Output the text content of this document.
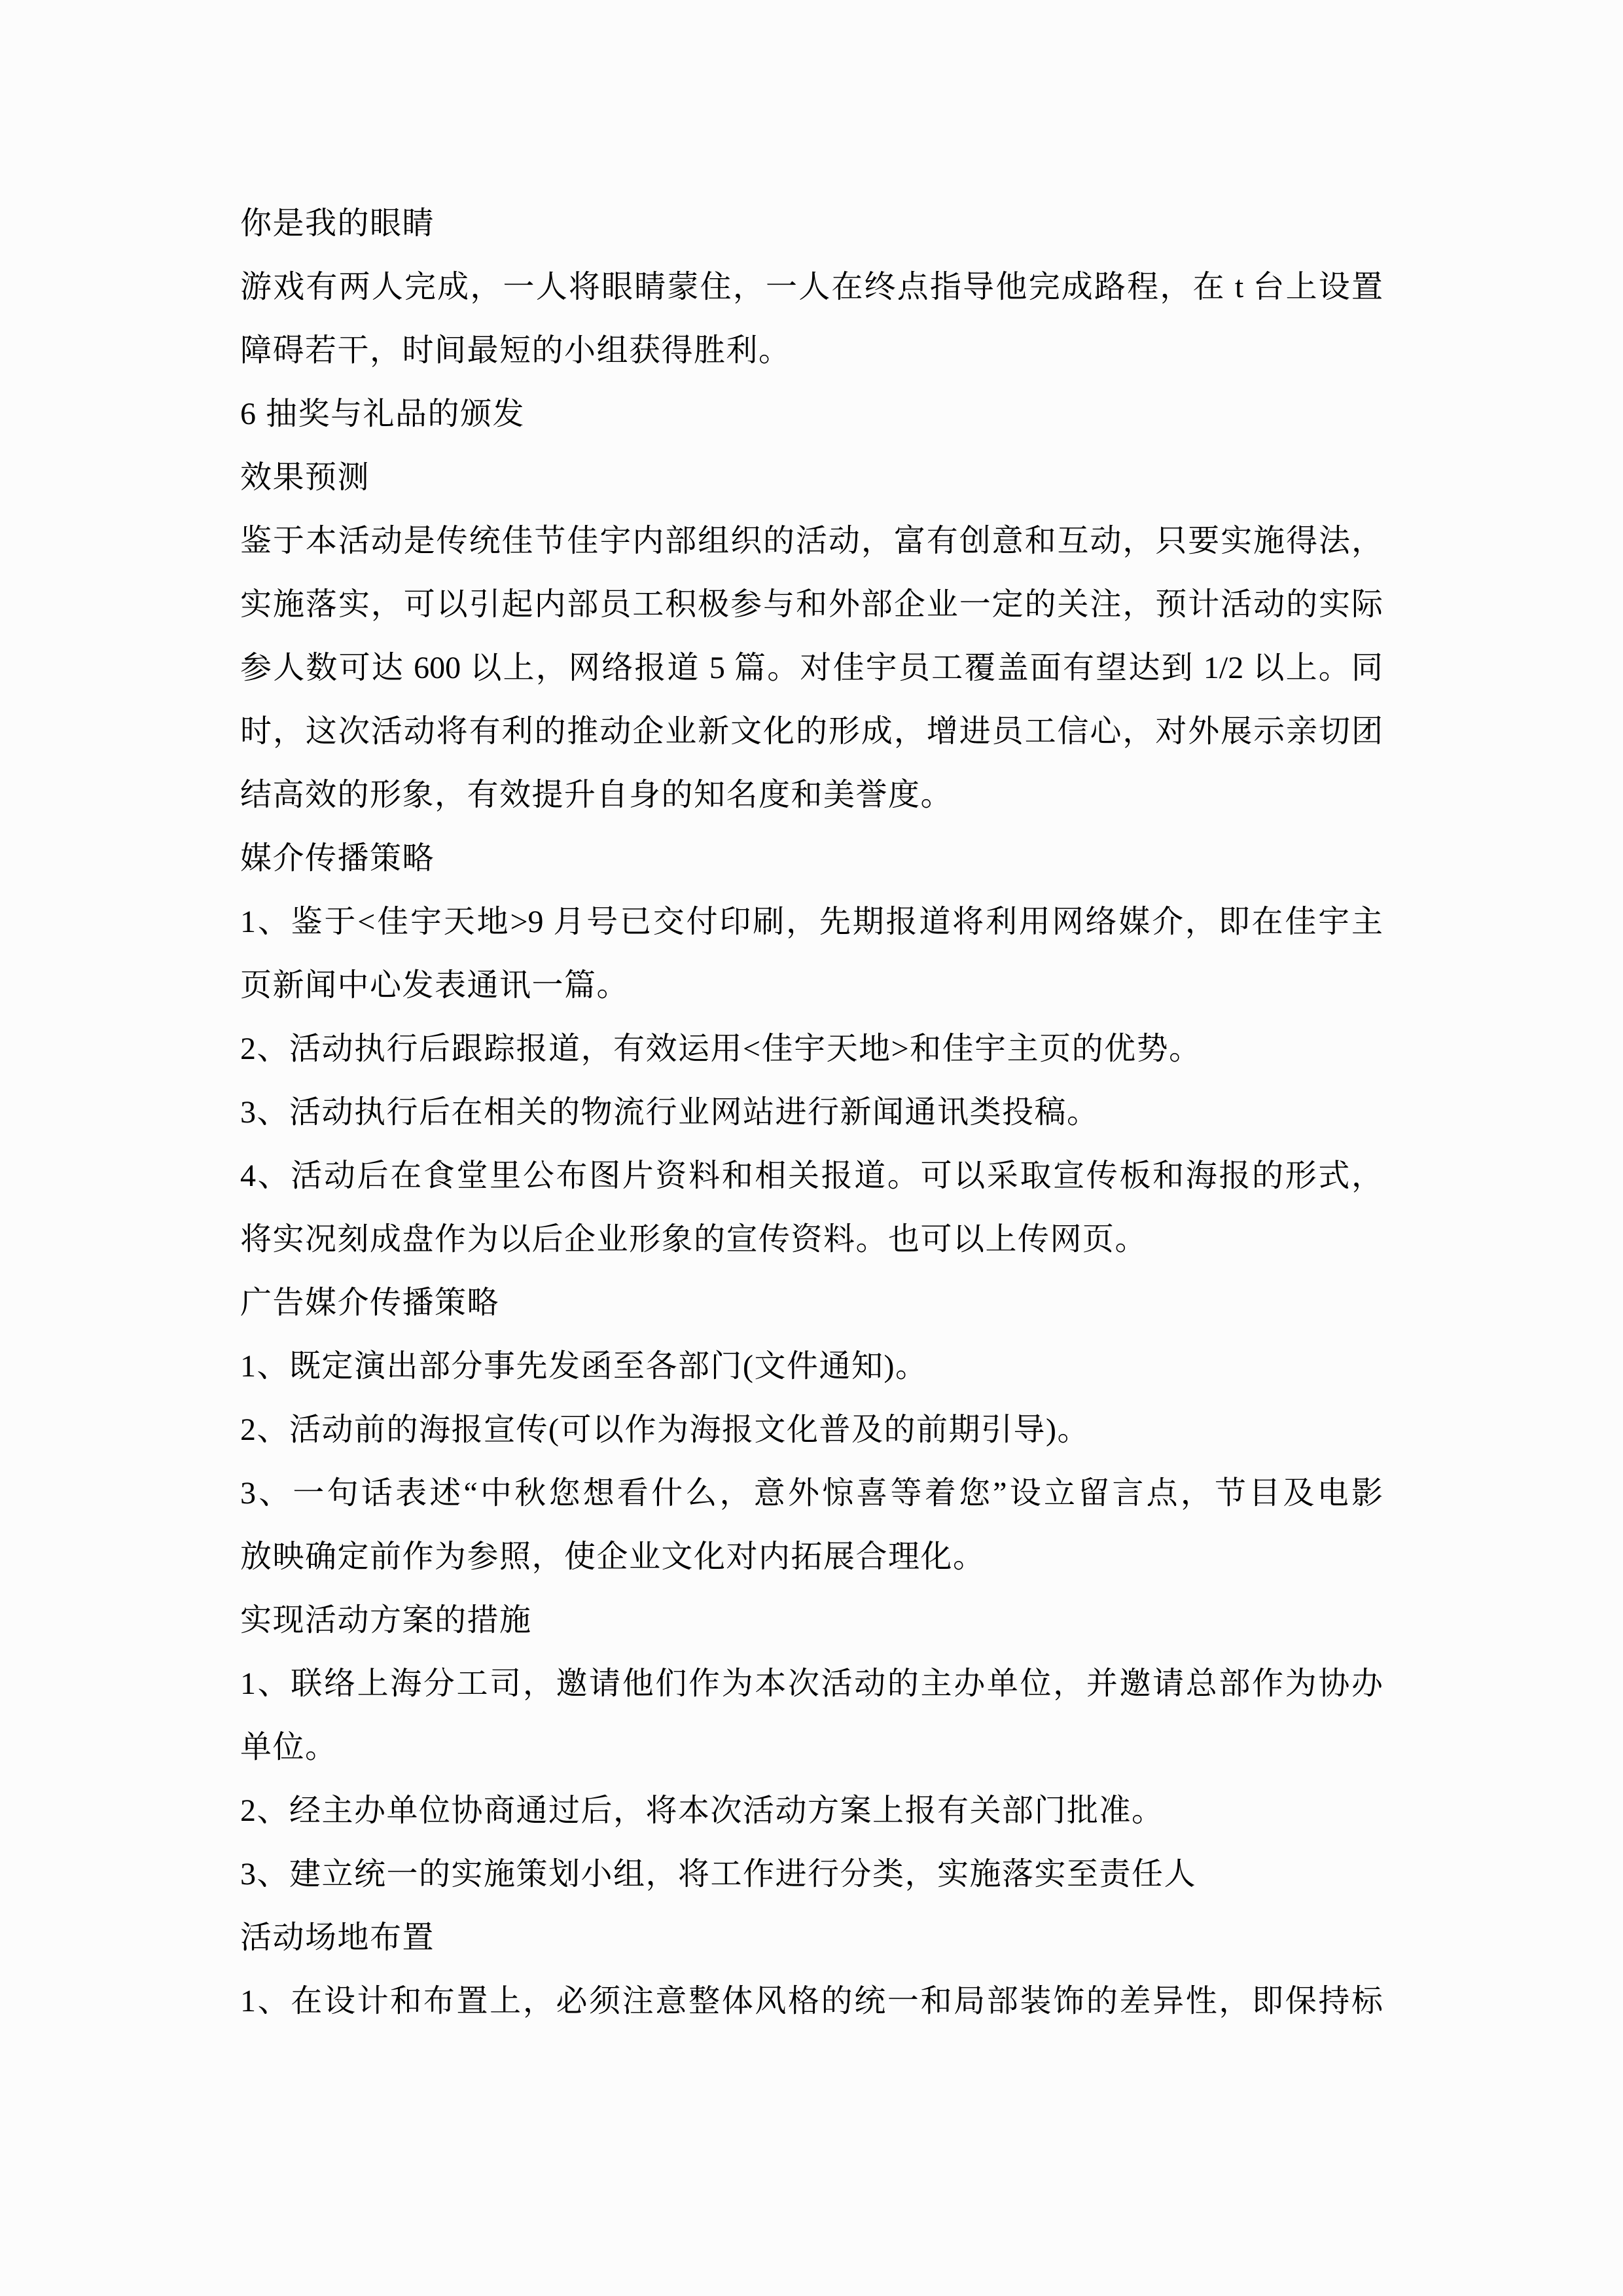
你是我的眼睛
游戏有两人完成，一人将眼睛蒙住，一人在终点指导他完成路程，在 t 台上设置
障碍若干，时间最短的小组获得胜利。
6 抽奖与礼品的颁发
效果预测
鉴于本活动是传统佳节佳宇内部组织的活动，富有创意和互动，只要实施得法，
实施落实，可以引起内部员工积极参与和外部企业一定的关注，预计活动的实际
参人数可达 600 以上，网络报道 5 篇。对佳宇员工覆盖面有望达到 1/2 以上。同
时，这次活动将有利的推动企业新文化的形成，增进员工信心，对外展示亲切团
结高效的形象，有效提升自身的知名度和美誉度。
媒介传播策略
1、鉴于<佳宇天地>9 月号已交付印刷，先期报道将利用网络媒介，即在佳宇主
页新闻中心发表通讯一篇。
2、活动执行后跟踪报道，有效运用<佳宇天地>和佳宇主页的优势。
3、活动执行后在相关的物流行业网站进行新闻通讯类投稿。
4、活动后在食堂里公布图片资料和相关报道。可以采取宣传板和海报的形式，
将实况刻成盘作为以后企业形象的宣传资料。也可以上传网页。
广告媒介传播策略
1、既定演出部分事先发函至各部门(文件通知)。
2、活动前的海报宣传(可以作为海报文化普及的前期引导)。
3、一句话表述“中秋您想看什么，意外惊喜等着您”设立留言点，节目及电影
放映确定前作为参照，使企业文化对内拓展合理化。
实现活动方案的措施
1、联络上海分工司，邀请他们作为本次活动的主办单位，并邀请总部作为协办
单位。
2、经主办单位协商通过后，将本次活动方案上报有关部门批准。
3、建立统一的实施策划小组，将工作进行分类，实施落实至责任人
活动场地布置
1、在设计和布置上，必须注意整体风格的统一和局部装饰的差异性，即保持标
